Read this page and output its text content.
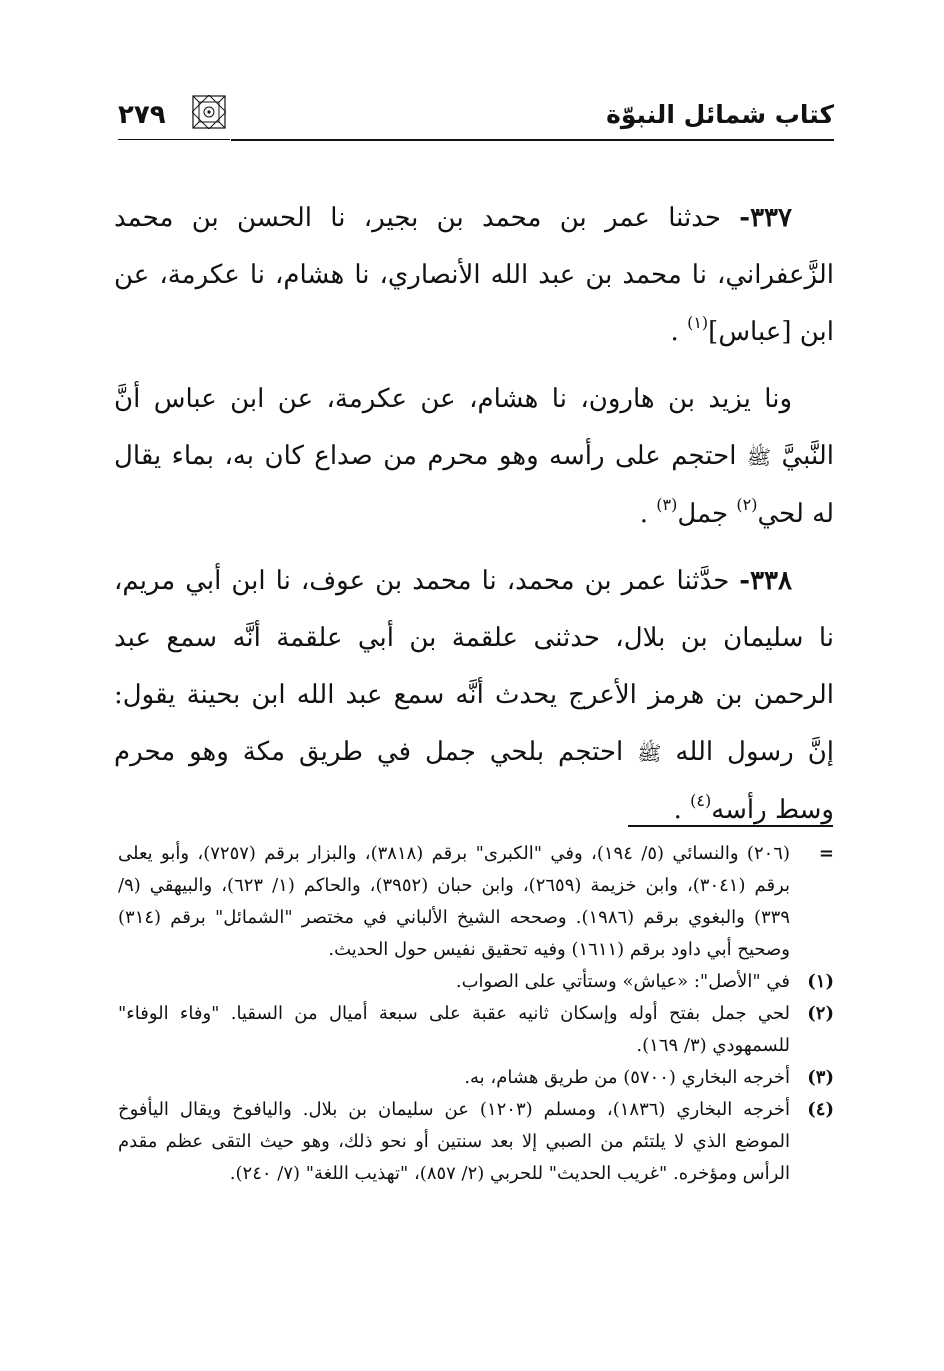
كتاب شمائل النبوّة
٢٧٩

٣٣٧- حدثنا عمر بن محمد بن بجير، نا الحسن بن محمد الزَّعفراني، نا محمد بن عبد الله الأنصاري، نا هشام، نا عكرمة، عن ابن [عباس]$^{(١)}$ .

ونا يزيد بن هارون، نا هشام، عن عكرمة، عن ابن عباس أنَّ النَّبيَّ ﷺ احتجم على رأسه وهو محرم من صداع كان به، بماء يقال له لحي$^{(٢)}$ جمل$^{(٣)}$ .

٣٣٨- حدَّثنا عمر بن محمد، نا محمد بن عوف، نا ابن أبي مريم، نا سليمان بن بلال، حدثنى علقمة بن أبي علقمة أنَّه سمع عبد الرحمن بن هرمز الأعرج يحدث أنَّه سمع عبد الله ابن بحينة يقول: إنَّ رسول الله ﷺ احتجم بلحي جمل في طريق مكة وهو محرم وسط رأسه$^{(٤)}$ .

=

(٢٠٦) والنسائي (٥/ ١٩٤)، وفي "الكبرى" برقم (٣٨١٨)، والبزار برقم (٧٢٥٧)، وأبو يعلى برقم (٣٠٤١)، وابن خزيمة (٢٦٥٩)، وابن حبان (٣٩٥٢)، والحاكم (١/ ٦٢٣)، والبيهقي (٩/ ٣٣٩) والبغوي برقم (١٩٨٦). وصححه الشيخ الألباني في مختصر "الشمائل" برقم (٣١٤) وصحيح أبي داود برقم (١٦١١) وفيه تحقيق نفيس حول الحديث.

(١)

في "الأصل": «عياش» وستأتي على الصواب.

(٢)

لحي جمل بفتح أوله وإسكان ثانيه عقبة على سبعة أميال من السقيا. "وفاء الوفاء" للسمهودي (٣/ ١٦٩).

(٣)

أخرجه البخاري (٥٧٠٠) من طريق هشام، به.

(٤)

أخرجه البخاري (١٨٣٦)، ومسلم (١٢٠٣) عن سليمان بن بلال. واليافوخ ويقال اليأفوخ الموضع الذي لا يلتئم من الصبي إلا بعد سنتين أو نحو ذلك، وهو حيث التقى عظم مقدم الرأس ومؤخره. "غريب الحديث" للحربي (٢/ ٨٥٧)، "تهذيب اللغة" (٧/ ٢٤٠).
